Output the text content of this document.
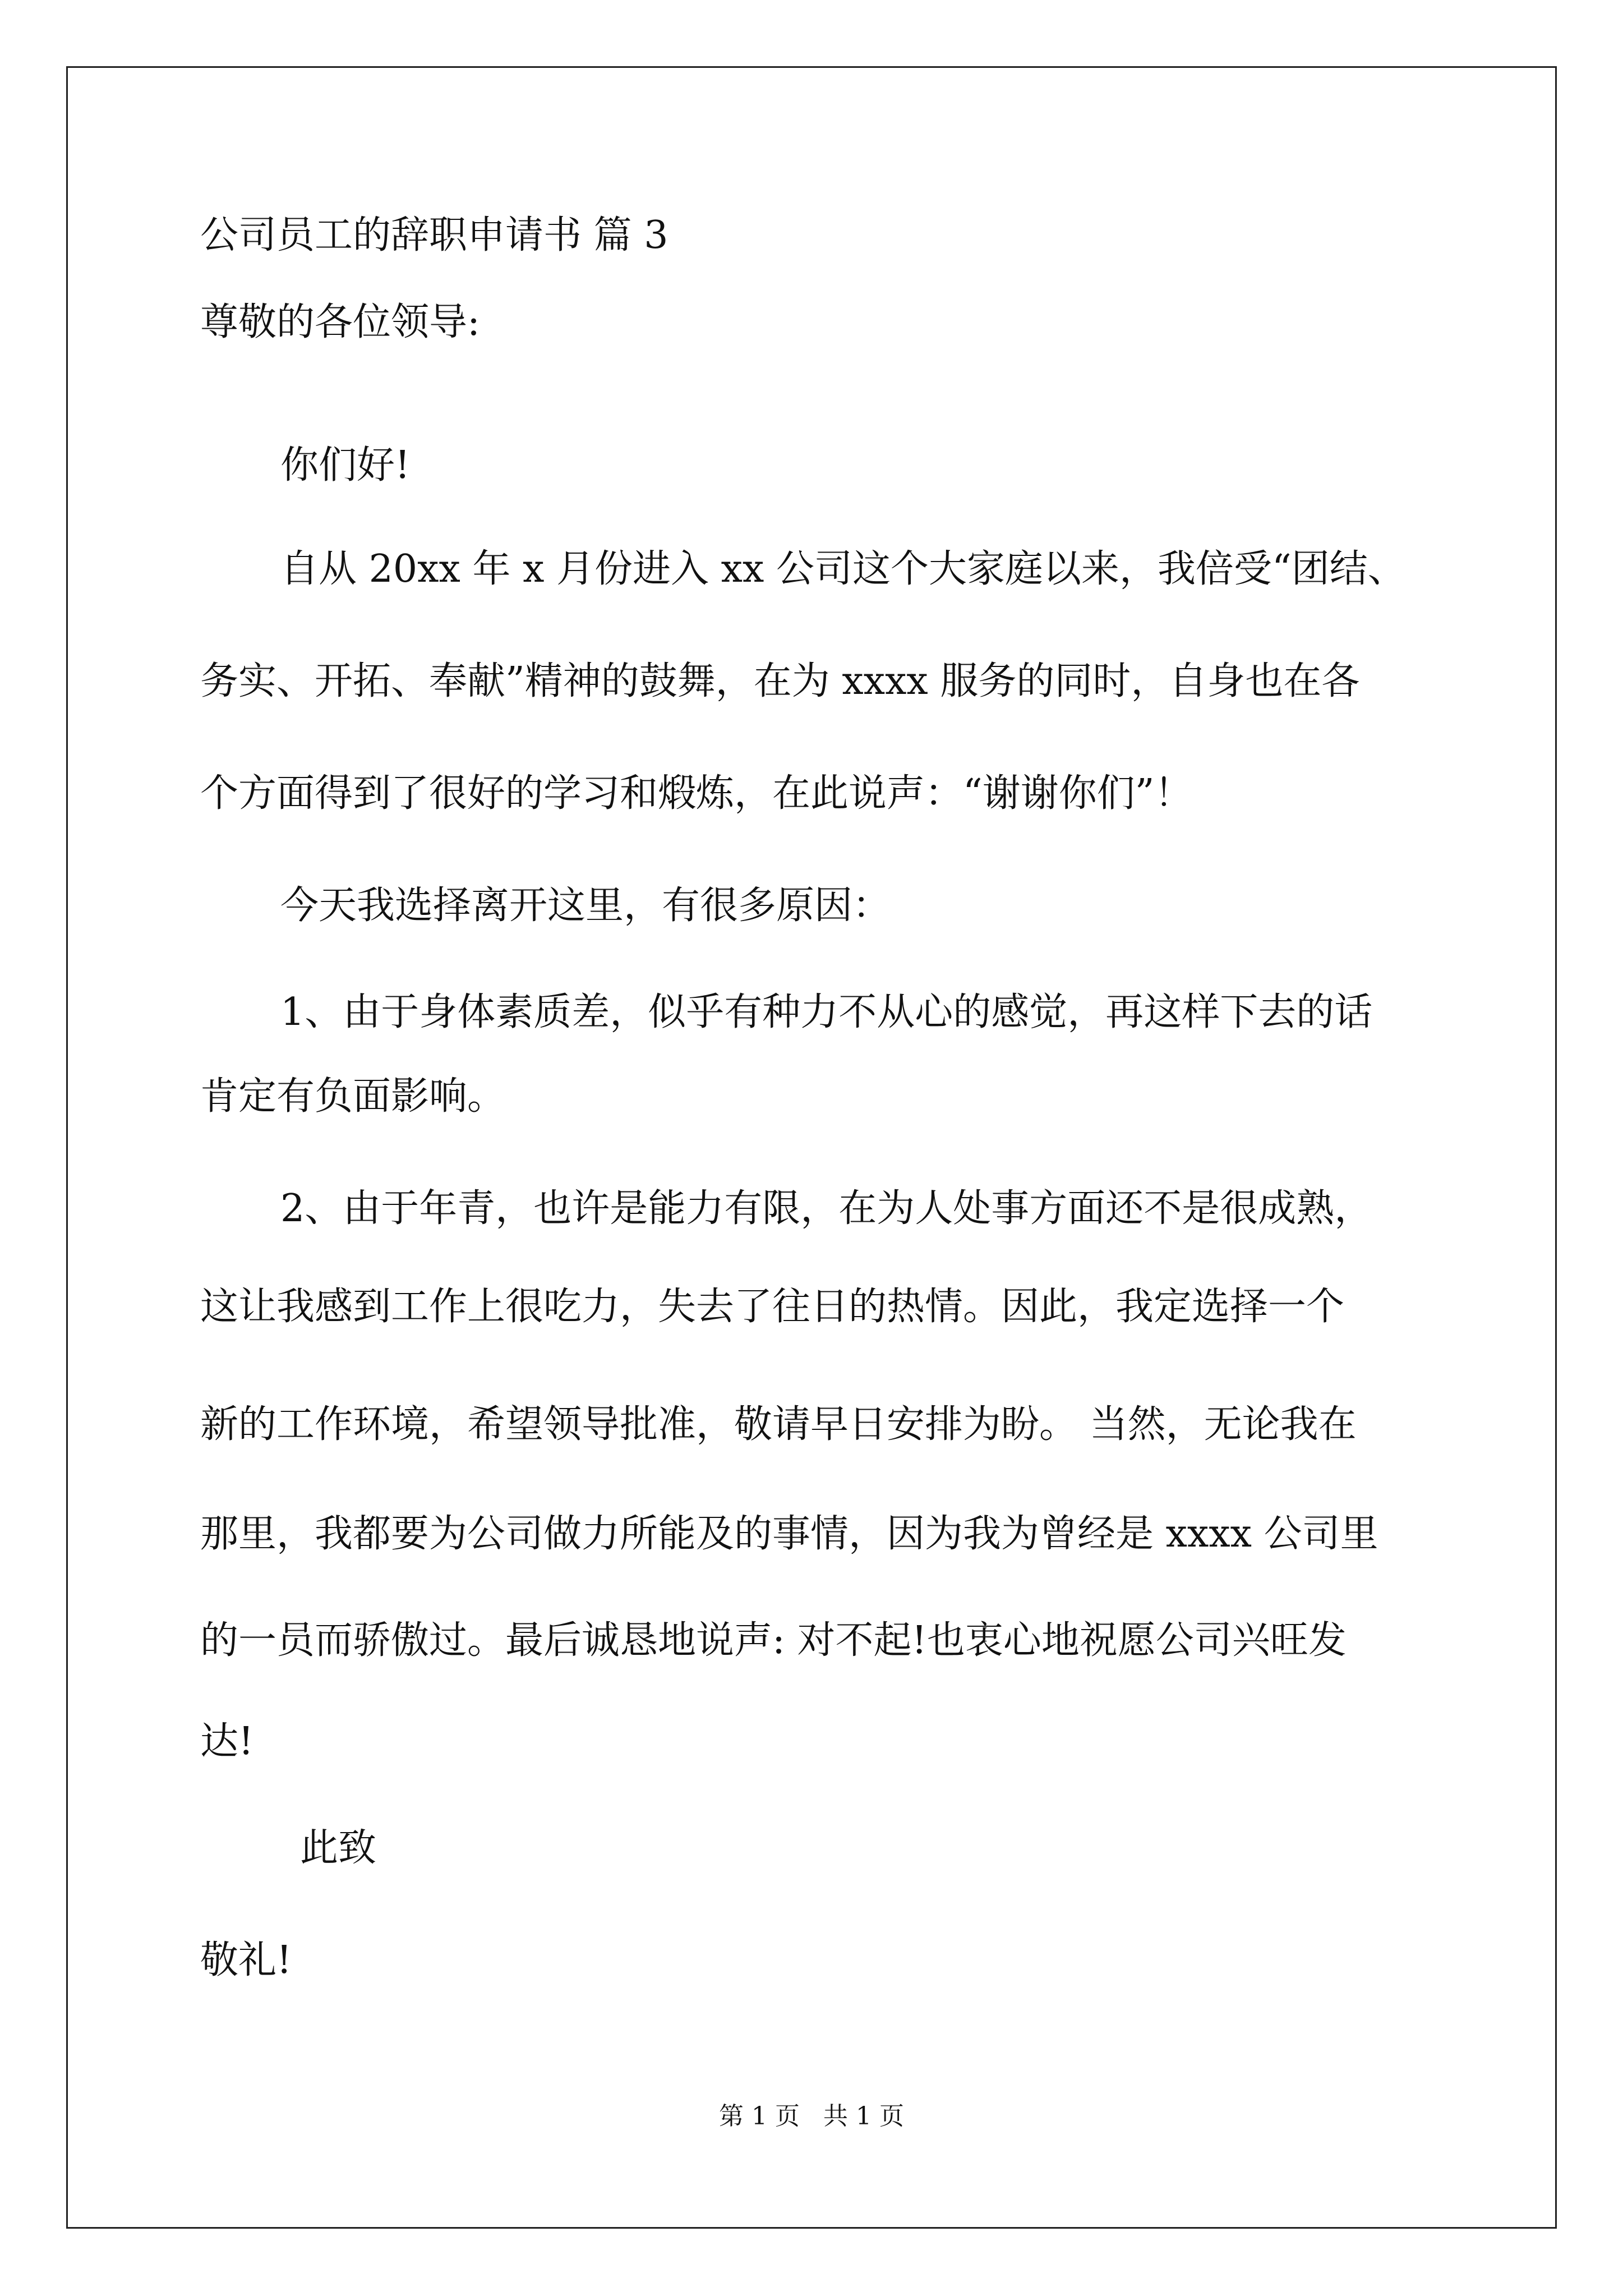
公司员工的辞职申请书 篇 3
尊敬的各位领导:
你们好!
自从 20xx 年 x 月份进入 xx 公司这个大家庭以来，我倍受“团结、
务实、开拓、奉献”精神的鼓舞，在为 xxxx 服务的同时，自身也在各
个方面得到了很好的学习和煅炼，在此说声：“谢谢你们”！
今天我选择离开这里，有很多原因：
1、由于身体素质差，似乎有种力不从心的感觉，再这样下去的话
肯定有负面影响。
2、由于年青，也许是能力有限，在为人处事方面还不是很成熟，
这让我感到工作上很吃力，失去了往日的热情。因此，我定选择一个
新的工作环境，希望领导批准，敬请早日安排为盼。 当然，无论我在
那里，我都要为公司做力所能及的事情，因为我为曾经是 xxxx 公司里
的一员而骄傲过。最后诚恳地说声: 对不起!也衷心地祝愿公司兴旺发
达!
此致
敬礼!
第 1 页   共 1 页
